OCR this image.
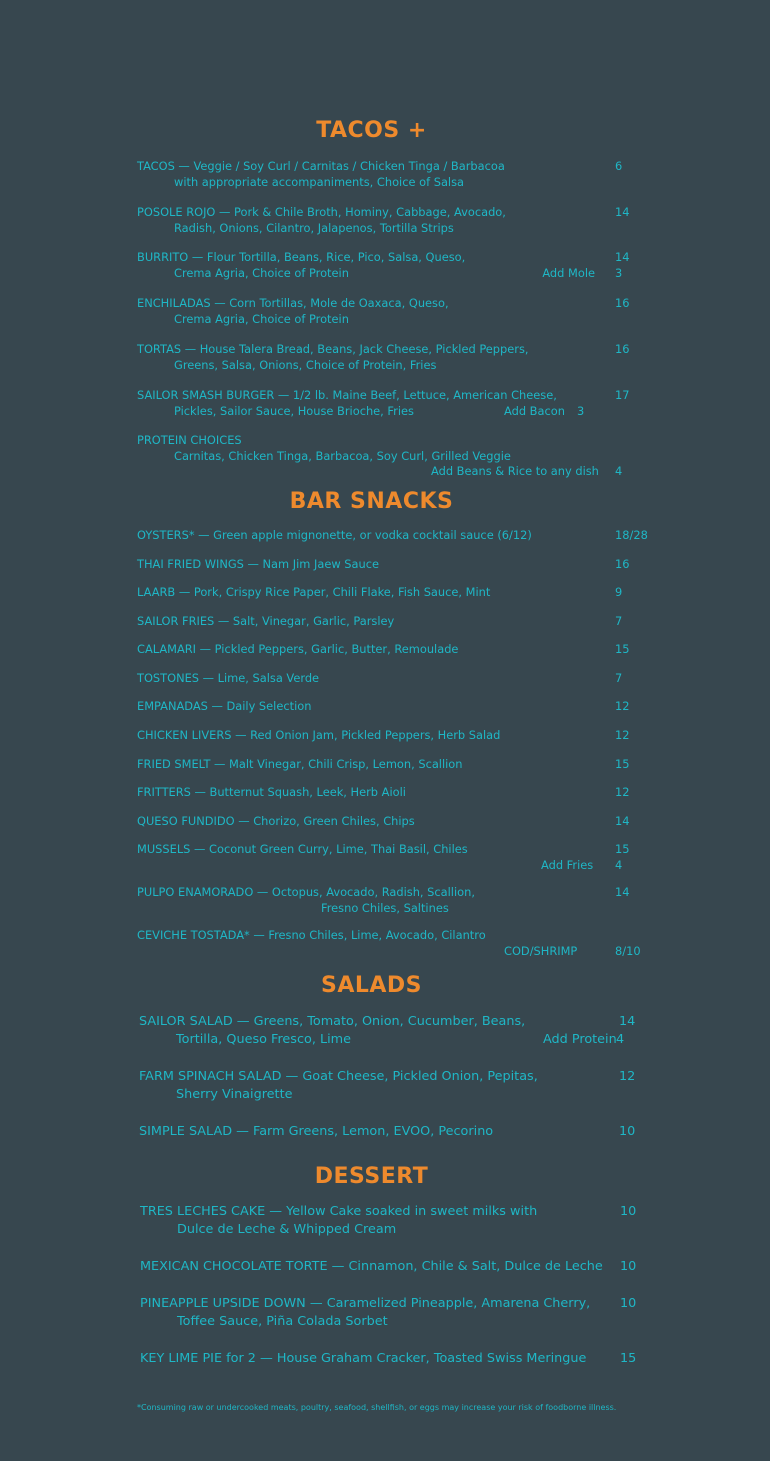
TACOS +
TACOS — Veggie / Soy Curl / Carnitas / Chicken Tinga / Barbacoa	6
with appropriate accompaniments, Choice of Salsa
POSOLE ROJO — Pork & Chile Broth, Hominy, Cabbage, Avocado,	14
Radish, Onions, Cilantro, Jalapenos, Tortilla Strips
BURRITO — Flour Tortilla, Beans, Rice, Pico, Salsa, Queso,	14
Crema Agria, Choice of Protein	Add Mole 3
ENCHILADAS — Corn Tortillas, Mole de Oaxaca, Queso,	16
Crema Agria, Choice of Protein
TORTAS — House Talera Bread, Beans, Jack Cheese, Pickled Peppers,	16
Greens, Salsa, Onions, Choice of Protein, Fries
SAILOR SMASH BURGER — 1/2 lb. Maine Beef, Lettuce, American Cheese,	17
Pickles, Sailor Sauce, House Brioche, Fries	Add Bacon 3
PROTEIN CHOICES
Carnitas, Chicken Tinga, Barbacoa, Soy Curl, Grilled Veggie
Add Beans & Rice to any dish 4
BAR SNACKS
OYSTERS* — Green apple mignonette, or vodka cocktail sauce (6/12)	18/28
THAI FRIED WINGS — Nam Jim Jaew Sauce	16
LAARB — Pork, Crispy Rice Paper, Chili Flake, Fish Sauce, Mint	9
SAILOR FRIES — Salt, Vinegar, Garlic, Parsley	7
CALAMARI — Pickled Peppers, Garlic, Butter, Remoulade	15
TOSTONES — Lime, Salsa Verde	7
EMPANADAS — Daily Selection	12
CHICKEN LIVERS — Red Onion Jam, Pickled Peppers, Herb Salad	12
FRIED SMELT — Malt Vinegar, Chili Crisp, Lemon, Scallion	15
FRITTERS — Butternut Squash, Leek, Herb Aioli	12
QUESO FUNDIDO — Chorizo, Green Chiles, Chips	14
MUSSELS — Coconut Green Curry, Lime, Thai Basil, Chiles	15
Add Fries 4
PULPO ENAMORADO — Octopus, Avocado, Radish, Scallion,	14
Fresno Chiles, Saltines
CEVICHE TOSTADA* — Fresno Chiles, Lime, Avocado, Cilantro
COD/SHRIMP	8/10
SALADS
SAILOR SALAD — Greens, Tomato, Onion, Cucumber, Beans,	14
Tortilla, Queso Fresco, Lime	Add Protein 4
FARM SPINACH SALAD — Goat Cheese, Pickled Onion, Pepitas,	12
Sherry Vinaigrette
SIMPLE SALAD — Farm Greens, Lemon, EVOO, Pecorino	10
DESSERT
TRES LECHES CAKE — Yellow Cake soaked in sweet milks with	10
Dulce de Leche & Whipped Cream
MEXICAN CHOCOLATE TORTE — Cinnamon, Chile & Salt, Dulce de Leche 10
PINEAPPLE UPSIDE DOWN — Caramelized Pineapple, Amarena Cherry, 10
Toffee Sauce, Piña Colada Sorbet
KEY LIME PIE for 2 — House Graham Cracker, Toasted Swiss Meringue	15
*Consuming raw or undercooked meats, poultry, seafood, shellfish, or eggs may increase your risk of foodborne illness.
